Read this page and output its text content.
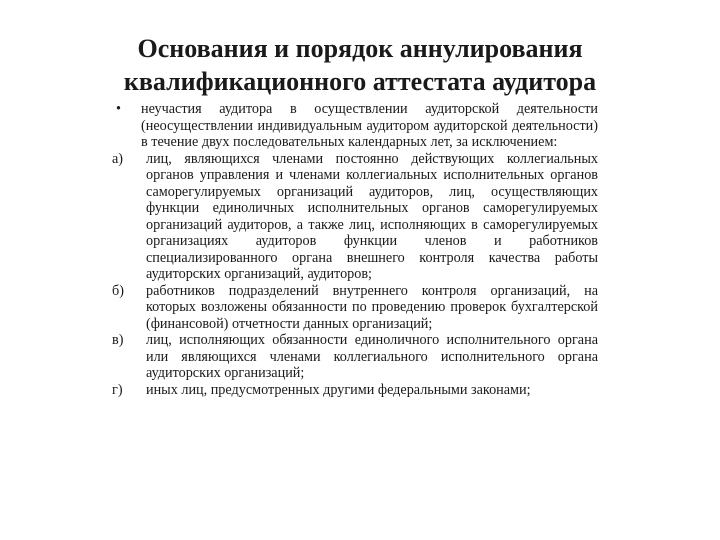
Основания и порядок аннулирования
квалификационного аттестата аудитора
• неучастия аудитора в осуществлении аудиторской деятельности (неосуществлении индивидуальным аудитором аудиторской деятельности) в течение двух последовательных календарных лет, за исключением:
а) лиц, являющихся членами постоянно действующих коллегиальных органов управления и членами коллегиальных исполнительных органов саморегулируемых организаций аудиторов, лиц, осуществляющих функции единоличных исполнительных органов саморегулируемых организаций аудиторов, а также лиц, исполняющих в саморегулируемых организациях аудиторов функции членов и работников специализированного органа внешнего контроля качества работы аудиторских организаций, аудиторов;
б) работников подразделений внутреннего контроля организаций, на которых возложены обязанности по проведению проверок бухгалтерской (финансовой) отчетности данных организаций;
в) лиц, исполняющих обязанности единоличного исполнительного органа или являющихся членами коллегиального исполнительного органа аудиторских организаций;
г) иных лиц, предусмотренных другими федеральными законами;
